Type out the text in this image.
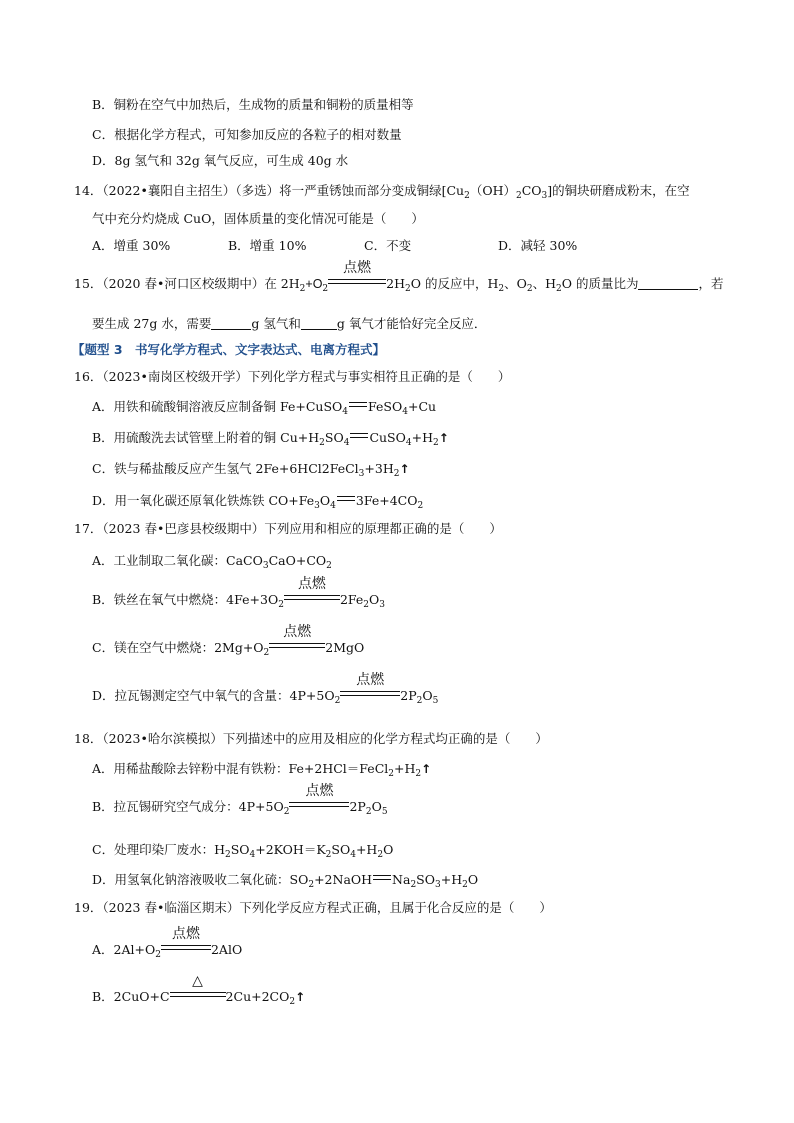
B．铜粉在空气中加热后，生成物的质量和铜粉的质量相等
C．根据化学方程式，可知参加反应的各粒子的相对数量
D．8g 氢气和 32g 氧气反应，可生成 40g 水
14．（2022•襄阳自主招生）（多选）将一严重锈蚀而部分变成铜绿$[Cu_2(OH)_2CO_3]$的铜块研磨成粉末，在空
气中充分灼烧成 CuO，固体质量的变化情况可能是（　　）
A．增重 30%	B．增重 10%	C．不变	D．减轻 30%
15．（2020 春•河口区校级期中）在 $2H_2+O_2$
点燃
$2H_2O$ 的反应中，$H_2$、$O_2$、$H_2O$ 的质量比为	，若
要生成 27g 水，需要	g 氢气和	g 氧气才能恰好完全反应．
【题型 3　书写化学方程式、文字表达式、电离方程式】
16．（2023•南岗区校级开学）下列化学方程式与事实相符且正确的是（　　）
A．用铁和硫酸铜溶液反应制备铜 Fe+CuSO$_4$ FeSO$_4$+Cu
B．用硫酸洗去试管壁上附着的铜 $Cu+H_2SO_4$ $CuSO_4+H_2↑$
C．铁与稀盐酸反应产生氢气 $2Fe+6HCl2FeCl_3+3H_2↑$
D．用一氧化碳还原氧化铁炼铁 $CO+Fe_3O_4$ $3Fe+4CO_2$
17．（2023 春•巴彦县校级期中）下列应用和相应的原理都正确的是（　　）
A．工业制取二氧化碳：$CaCO_3CaO+CO_2$
B．铁丝在氧气中燃烧：$4Fe+3O_2$
点燃
$2Fe_2O_3$
C．镁在空气中燃烧：$2Mg+O_2$
点燃
2MgO
D．拉瓦锡测定空气中氧气的含量：$4P+5O_2$
点燃
$2P_2O_5$
18．（2023•哈尔滨模拟）下列描述中的应用及相应的化学方程式均正确的是（　　）
A．用稀盐酸除去锌粉中混有铁粉：$Fe+2HCl=FeCl_2+H_2↑$
B．拉瓦锡研究空气成分：$4P+5O_2$
点燃
$2P_2O_5$
C．处理印染厂废水：$H_2SO_4+2KOH=K_2SO_4+H_2O$
D．用氢氧化钠溶液吸收二氧化硫：$SO_2+2NaOH$ $Na_2SO_3+H_2O$
19．（2023 春•临淄区期末）下列化学反应方程式正确，且属于化合反应的是（　　）
A．$2Al+O_2$
点燃
2AlO
B．2CuO+C
△
$2Cu+2CO_2↑$
